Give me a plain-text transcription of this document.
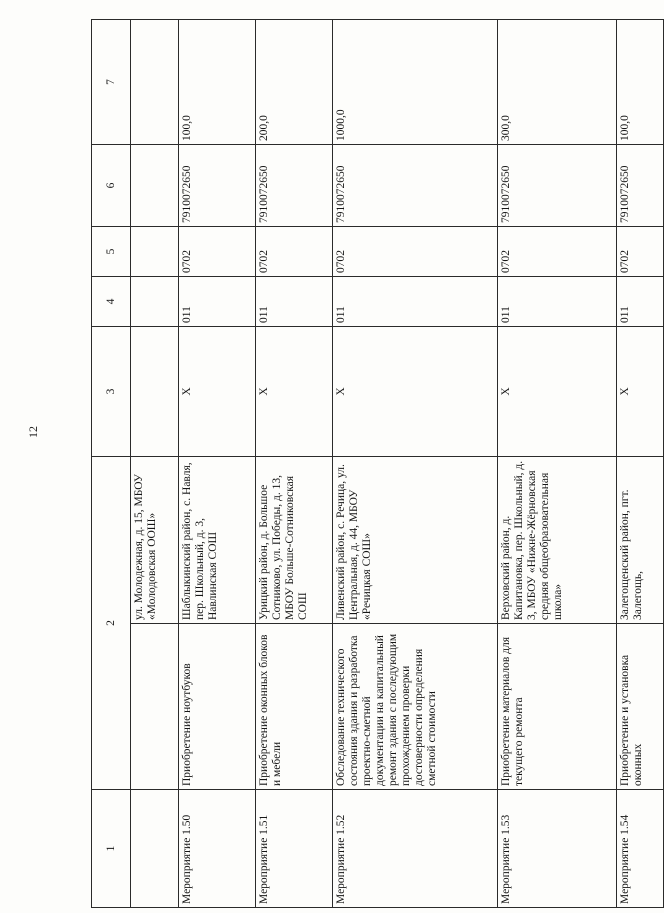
12
1	2		3	4	5	6	7
		ул. Молодежная, д. 15, МБОУ «Молодовская ООШ»					
Мероприятие 1.50	Приобретение ноутбуков	Шаблыкинский район, с. Навля, пер. Школьный, д. 3, Навлинская СОШ	Х	011	0702	7910072650	100,0
Мероприятие 1.51	Приобретение оконных блоков и мебели	Урицкий район, д. Большое Сотниково, ул. Победы, д. 13, МБОУ Больше-Сотниковская СОШ	Х	011	0702	7910072650	200,0
Мероприятие 1.52	Обследование технического состояния здания и разработка проектно-сметной документации на капитальный ремонт здания с последующим прохождением проверки достоверности определения сметной стоимости	Ливенский район, с. Речица, ул. Центральная, д. 44, МБОУ «Речицкая СОШ»	Х	011	0702	7910072650	1000,0
Мероприятие 1.53	Приобретение материалов для текущего ремонта	Верховский район, д. Капитановка, пер. Школьный, д. 3, МБОУ «Нижне-Жёрновская средняя общеобразовательная школа»	Х	011	0702	7910072650	300,0
Мероприятие 1.54	Приобретение и установка оконных	Залегощенский район, пгт. Залегощь,	Х	011	0702	7910072650	100,0
